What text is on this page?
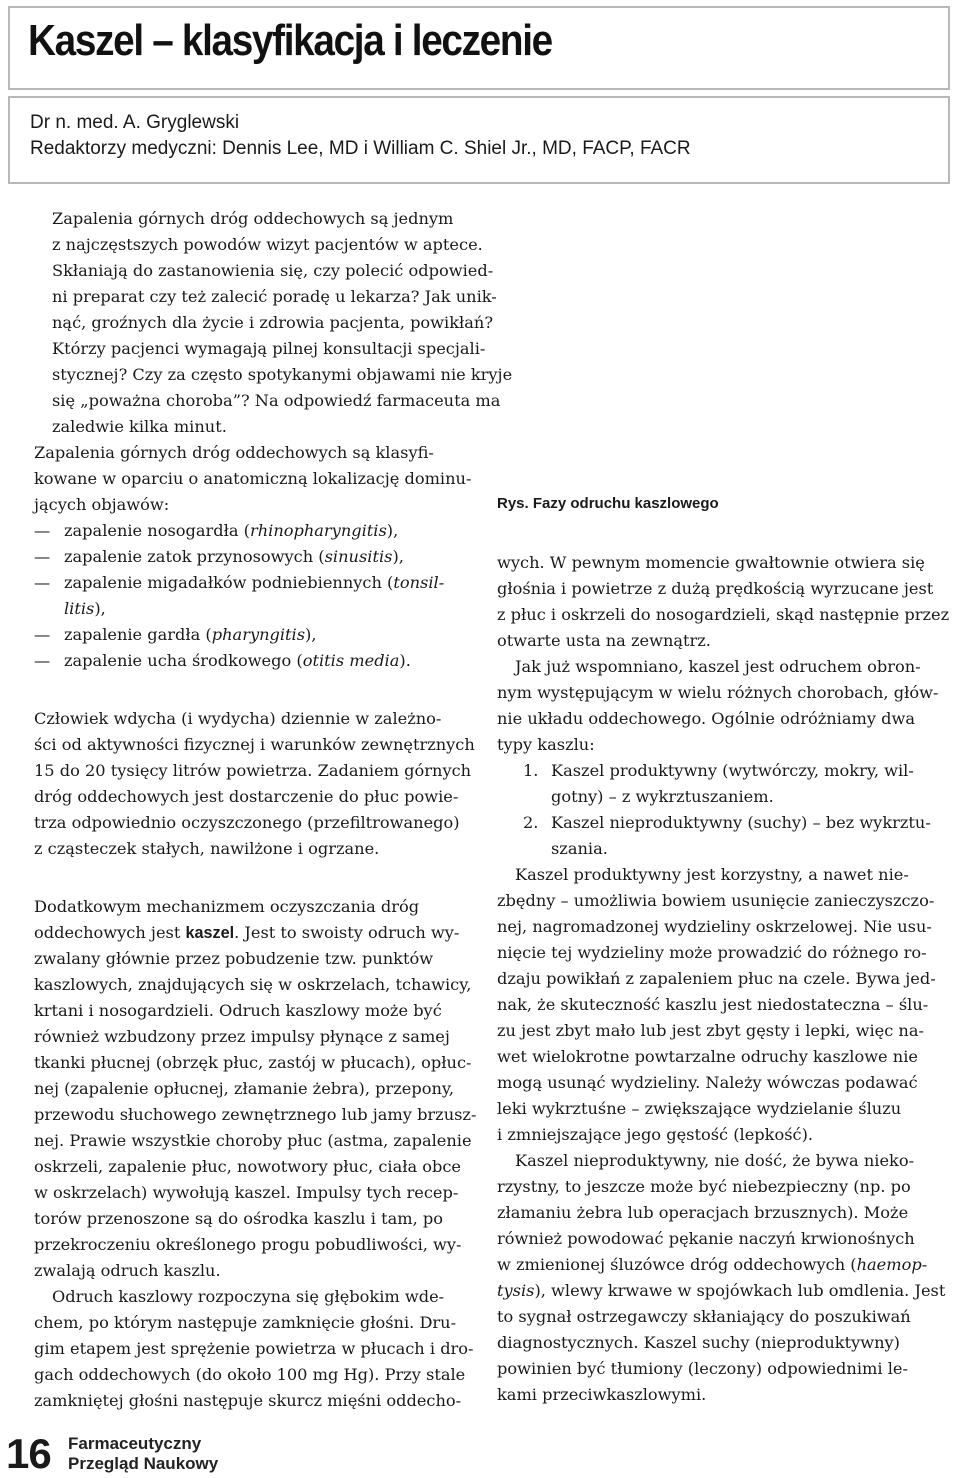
Kaszel – klasyfikacja i leczenie
Dr n. med. A. Gryglewski
Redaktorzy medyczni: Dennis Lee, MD i William C. Shiel Jr., MD, FACP, FACR
Zapalenia górnych dróg oddechowych są jednym
z najczęstszych powodów wizyt pacjentów w aptece.
Skłaniają do zastanowienia się, czy polecić odpowied-
ni preparat czy też zalecić poradę u lekarza? Jak unik-
nąć, groźnych dla życie i zdrowia pacjenta, powikłań?
Którzy pacjenci wymagają pilnej konsultacji specjali-
stycznej? Czy za często spotykanymi objawami nie kryje
się „poważna choroba”? Na odpowiedź farmaceuta ma
zaledwie kilka minut.
Zapalenia górnych dróg oddechowych są klasyfi-
kowane w oparciu o anatomiczną lokalizację dominu-
jących objawów:
— zapalenie nosogardła (rhinopharyngitis),
— zapalenie zatok przynosowych (sinusitis),
— zapalenie migadałków podniebiennych (tonsil-
litis),
— zapalenie gardła (pharyngitis),
— zapalenie ucha środkowego (otitis media).
Człowiek wdycha (i wydycha) dziennie w zależno-
ści od aktywności fizycznej i warunków zewnętrznych
15 do 20 tysięcy litrów powietrza. Zadaniem górnych
dróg oddechowych jest dostarczenie do płuc powie-
trza odpowiednio oczyszczonego (przefiltrowanego)
z cząsteczek stałych, nawilżone i ogrzane.
Dodatkowym mechanizmem oczyszczania dróg
oddechowych jest kaszel. Jest to swoisty odruch wy-
zwalany głównie przez pobudzenie tzw. punktów
kaszlowych, znajdujących się w oskrzelach, tchawicy,
krtani i nosogardzieli. Odruch kaszlowy może być
również wzbudzony przez impulsy płynące z samej
tkanki płucnej (obrzęk płuc, zastój w płucach), opłuc-
nej (zapalenie opłucnej, złamanie żebra), przepony,
przewodu słuchowego zewnętrznego lub jamy brzusz-
nej. Prawie wszystkie choroby płuc (astma, zapalenie
oskrzeli, zapalenie płuc, nowotwory płuc, ciała obce
w oskrzelach) wywołują kaszel. Impulsy tych recep-
torów przenoszone są do ośrodka kaszlu i tam, po
przekroczeniu określonego progu pobudliwości, wy-
zwalają odruch kaszlu.
Odruch kaszlowy rozpoczyna się głębokim wde-
chem, po którym następuje zamknięcie głośni. Dru-
gim etapem jest sprężenie powietrza w płucach i dro-
gach oddechowych (do około 100 mg Hg). Przy stale
zamkniętej głośni następuje skurcz mięśni oddecho-
Rys. Fazy odruchu kaszlowego
wych. W pewnym momencie gwałtownie otwiera się
głośnia i powietrze z dużą prędkością wyrzucane jest
z płuc i oskrzeli do nosogardzieli, skąd następnie przez
otwarte usta na zewnątrz.
Jak już wspomniano, kaszel jest odruchem obron-
nym występującym w wielu różnych chorobach, głów-
nie układu oddechowego. Ogólnie odróżniamy dwa
typy kaszlu:
1. Kaszel produktywny (wytwórczy, mokry, wil-
gotny) – z wykrztuszaniem.
2. Kaszel nieproduktywny (suchy) – bez wykrztu-
szania.
Kaszel produktywny jest korzystny, a nawet nie-
zbędny – umożliwia bowiem usunięcie zanieczyszczo-
nej, nagromadzonej wydzieliny oskrzelowej. Nie usu-
nięcie tej wydzieliny może prowadzić do różnego ro-
dzaju powikłań z zapaleniem płuc na czele. Bywa jed-
nak, że skuteczność kaszlu jest niedostateczna – ślu-
zu jest zbyt mało lub jest zbyt gęsty i lepki, więc na-
wet wielokrotne powtarzalne odruchy kaszlowe nie
mogą usunąć wydzieliny. Należy wówczas podawać
leki wykrztuśne – zwiększające wydzielanie śluzu
i zmniejszające jego gęstość (lepkość).
Kaszel nieproduktywny, nie dość, że bywa nieko-
rzystny, to jeszcze może być niebezpieczny (np. po
złamaniu żebra lub operacjach brzusznych). Może
również powodować pękanie naczyń krwionośnych
w zmienionej śluzówce dróg oddechowych (haemop-
tysis), wlewy krwawe w spojówkach lub omdlenia. Jest
to sygnał ostrzegawczy skłaniający do poszukiwań
diagnostycznych. Kaszel suchy (nieproduktywny)
powinien być tłumiony (leczony) odpowiednimi le-
kami przeciwkaszlowymi.
16 Farmaceutyczny
Przegląd Naukowy
